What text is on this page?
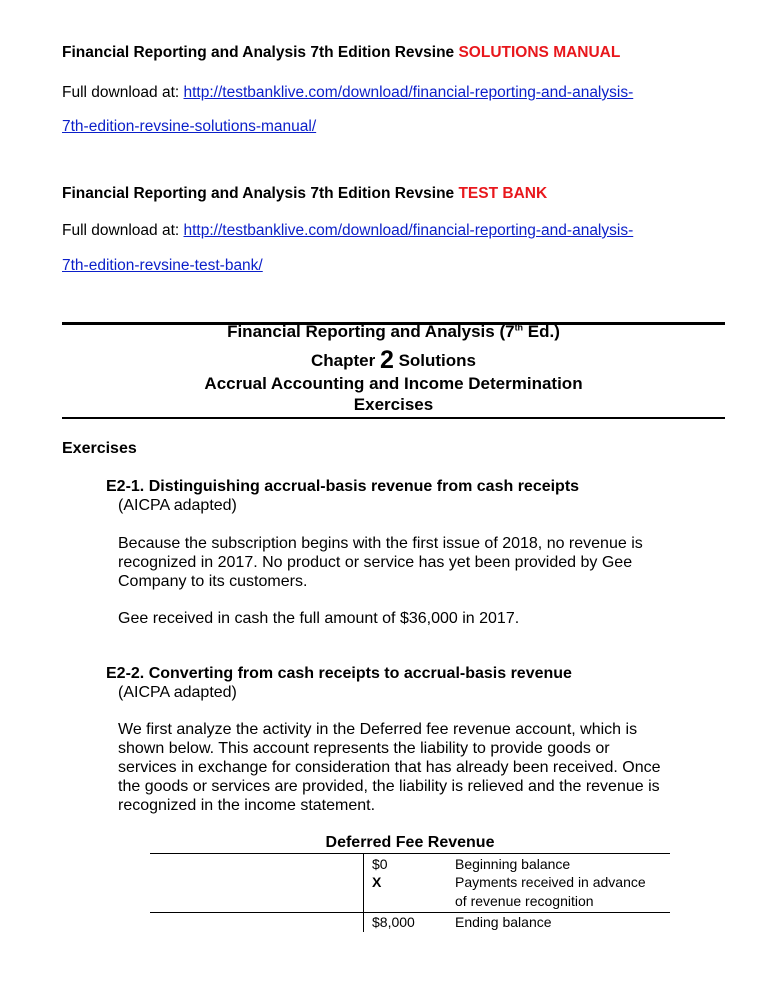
Financial Reporting and Analysis 7th Edition Revsine SOLUTIONS MANUAL
Full download at: http://testbanklive.com/download/financial-reporting-and-analysis-
7th-edition-revsine-solutions-manual/
Financial Reporting and Analysis 7th Edition Revsine TEST BANK
Full download at: http://testbanklive.com/download/financial-reporting-and-analysis-
7th-edition-revsine-test-bank/
Financial Reporting and Analysis (7th Ed.)
Chapter 2 Solutions
Accrual Accounting and Income Determination
Exercises
Exercises
E2-1. Distinguishing accrual-basis revenue from cash receipts
(AICPA adapted)
Because the subscription begins with the first issue of 2018, no revenue is
recognized in 2017. No product or service has yet been provided by Gee
Company to its customers.
Gee received in cash the full amount of $36,000 in 2017.
E2-2. Converting from cash receipts to accrual-basis revenue
(AICPA adapted)
We first analyze the activity in the Deferred fee revenue account, which is
shown below. This account represents the liability to provide goods or
services in exchange for consideration that has already been received. Once
the goods or services are provided, the liability is relieved and the revenue is
recognized in the income statement.
Deferred Fee Revenue
$0	Beginning balance
X	Payments received in advance
of revenue recognition
$8,000	Ending balance
